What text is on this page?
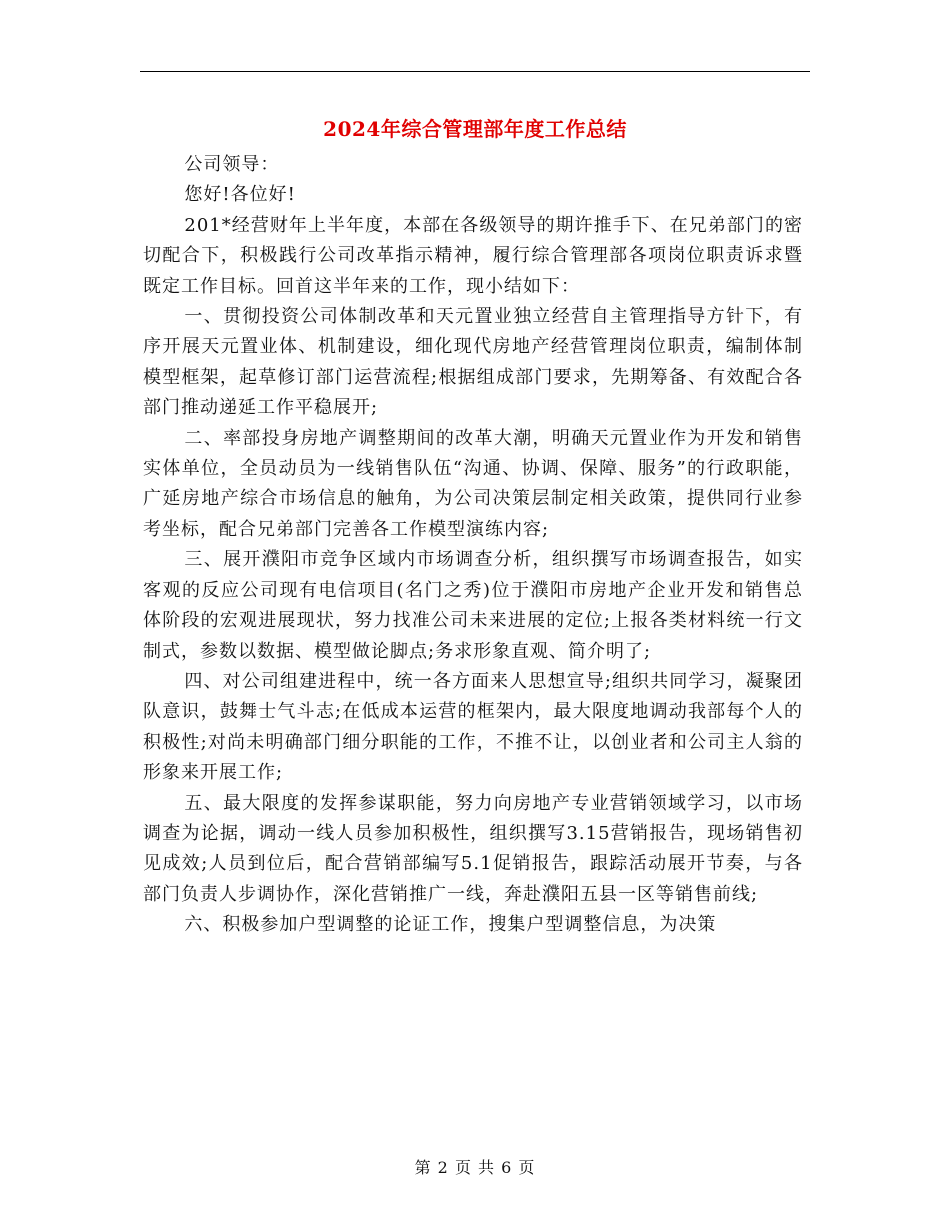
2024年综合管理部年度工作总结

公司领导：

您好!各位好!

201*经营财年上半年度，本部在各级领导的期许推手下、在兄弟部门的密切配合下，积极践行公司改革指示精神，履行综合管理部各项岗位职责诉求暨既定工作目标。回首这半年来的工作，现小结如下：

一、贯彻投资公司体制改革和天元置业独立经营自主管理指导方针下，有序开展天元置业体、机制建设，细化现代房地产经营管理岗位职责，编制体制模型框架，起草修订部门运营流程;根据组成部门要求，先期筹备、有效配合各部门推动递延工作平稳展开;

二、率部投身房地产调整期间的改革大潮，明确天元置业作为开发和销售实体单位，全员动员为一线销售队伍“沟通、协调、保障、服务”的行政职能，广延房地产综合市场信息的触角，为公司决策层制定相关政策，提供同行业参考坐标，配合兄弟部门完善各工作模型演练内容;

三、展开濮阳市竞争区域内市场调查分析，组织撰写市场调查报告，如实客观的反应公司现有电信项目(名门之秀)位于濮阳市房地产企业开发和销售总体阶段的宏观进展现状，努力找准公司未来进展的定位;上报各类材料统一行文制式，参数以数据、模型做论脚点;务求形象直观、简介明了;

四、对公司组建进程中，统一各方面来人思想宣导;组织共同学习，凝聚团队意识，鼓舞士气斗志;在低成本运营的框架内，最大限度地调动我部每个人的积极性;对尚未明确部门细分职能的工作，不推不让，以创业者和公司主人翁的形象来开展工作;

五、最大限度的发挥参谋职能，努力向房地产专业营销领域学习，以市场调查为论据，调动一线人员参加积极性，组织撰写3.15营销报告，现场销售初见成效;人员到位后，配合营销部编写5.1促销报告，跟踪活动展开节奏，与各部门负责人步调协作，深化营销推广一线，奔赴濮阳五县一区等销售前线;

六、积极参加户型调整的论证工作，搜集户型调整信息，为决策

第 2 页 共 6 页
